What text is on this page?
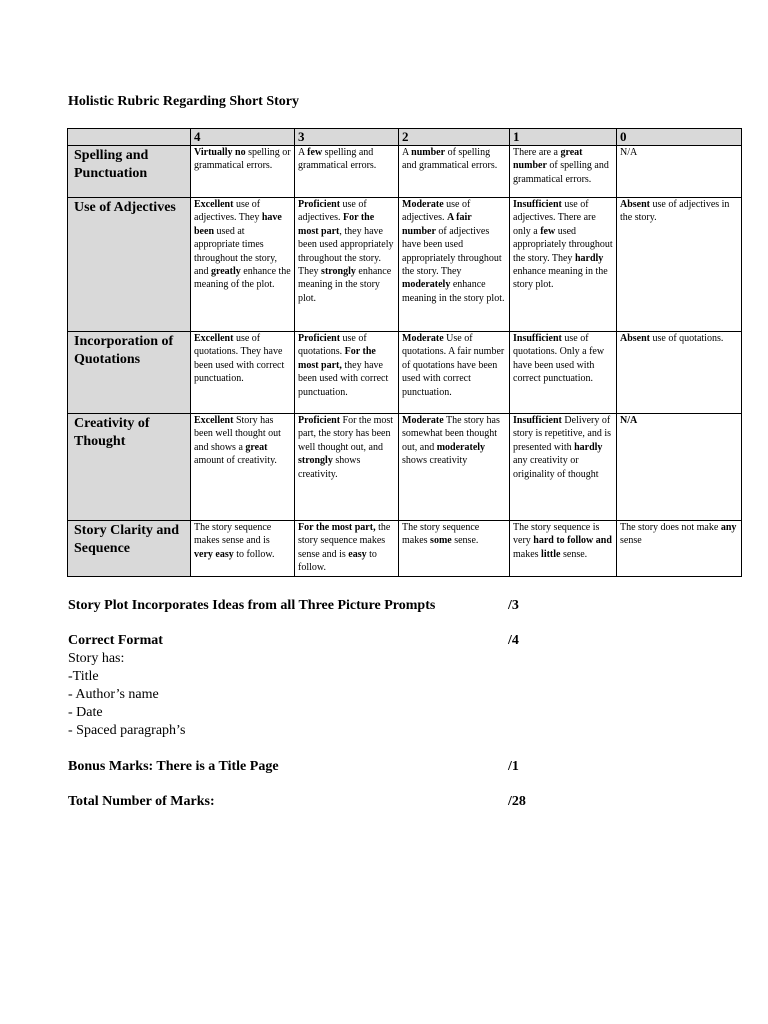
Holistic Rubric Regarding Short Story
	4	3	2	1	0
Spelling and Punctuation	Virtually no spelling or grammatical errors.	A few spelling and grammatical errors.	A number of spelling and grammatical errors.	There are a great number of spelling and grammatical errors.	N/A
Use of Adjectives	Excellent use of adjectives. They have been used at appropriate times throughout the story, and greatly enhance the meaning of the plot.	Proficient use of adjectives. For the most part, they have been used appropriately throughout the story. They strongly enhance meaning in the story plot.	Moderate use of adjectives. A fair number of adjectives have been used appropriately throughout the story. They moderately enhance meaning in the story plot.	Insufficient use of adjectives. There are only a few used appropriately throughout the story. They hardly enhance meaning in the story plot.	Absent use of adjectives in the story.
Incorporation of Quotations	Excellent use of quotations. They have been used with correct punctuation.	Proficient use of quotations. For the most part, they have been used with correct punctuation.	Moderate Use of quotations. A fair number of quotations have been used with correct punctuation.	Insufficient use of quotations. Only a few have been used with correct punctuation.	Absent use of quotations.
Creativity of Thought	Excellent Story has been well thought out and shows a great amount of creativity.	Proficient For the most part, the story has been well thought out, and strongly shows creativity.	Moderate The story has somewhat been thought out, and moderately shows creativity	Insufficient Delivery of story is repetitive, and is presented with hardly any creativity or originality of thought	N/A
Story Clarity and Sequence	The story sequence makes sense and is very easy to follow.	For the most part, the story sequence makes sense and is easy to follow.	The story sequence makes some sense.	The story sequence is very hard to follow and makes little sense.	The story does not make any sense
Story Plot Incorporates Ideas from all Three Picture Prompts	/3
Correct Format	/4
Story has:
-Title
- Author’s name
- Date
- Spaced paragraph’s
Bonus Marks: There is a Title Page	/1
Total Number of Marks:	/28
